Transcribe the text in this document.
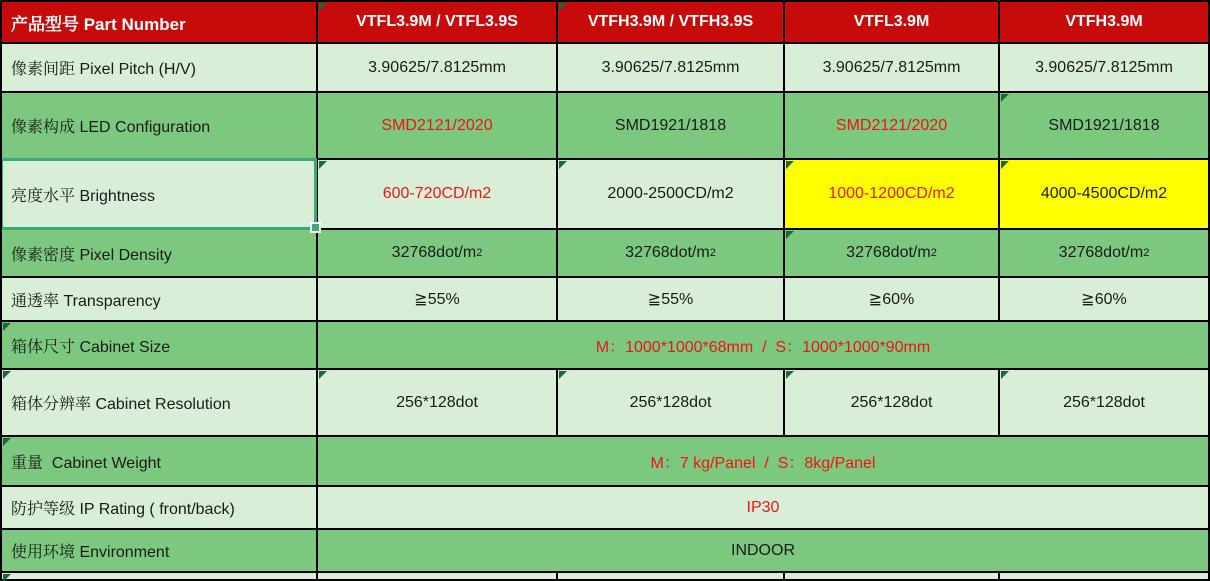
产品型号 Part Number	VTFL3.9M / VTFL3.9S	VTFH3.9M / VTFH3.9S	VTFL3.9M	VTFH3.9M
像素间距 Pixel Pitch (H/V)	3.90625/7.8125mm	3.90625/7.8125mm	3.90625/7.8125mm	3.90625/7.8125mm
像素构成 LED Configuration	SMD2121/2020	SMD1921/1818	SMD2121/2020	SMD1921/1818
亮度水平 Brightness	600-720CD/m2	2000-2500CD/m2	1000-1200CD/m2	4000-4500CD/m2
像素密度 Pixel Density	32768dot/m 2	32768dot/m 2	32768dot/m 2	32768dot/m 2
通透率 Transparency	≧55%	≧55%	≧60%	≧60%
箱体尺寸 Cabinet Size	M：1000*1000*68mm  /  S：1000*1000*90mm
箱体分辨率 Cabinet Resolution	256*128dot	256*128dot	256*128dot	256*128dot
重量  Cabinet Weight	M：7 kg/Panel  /  S：8kg/Panel
防护等级 IP Rating ( front/back)	IP30
使用环境 Environment	INDOOR
